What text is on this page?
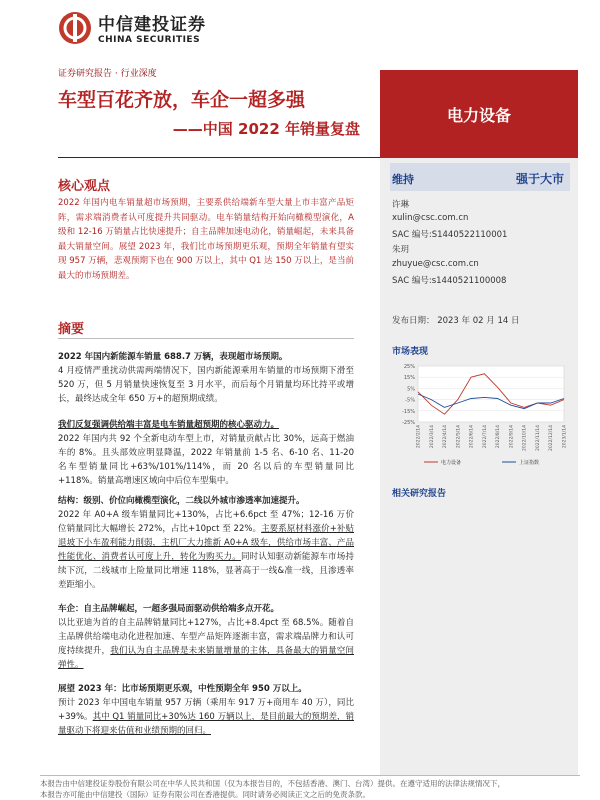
中信建投证券
CHINA SECURITIES
证券研究报告 · 行业深度
车型百花齐放，车企一超多强
——中国 2022 年销量复盘
电力设备
维持	强于大市
许琳
xulin@csc.com.cn
SAC 编号:S1440522110001
朱玥
zhuyue@csc.com.cn
SAC 编号:s1440521100008
发布日期： 2023 年 02 月 14 日
市场表现
25%
15%
5%
-5%
-15%
-25%
2022/2/14 2022/3/14 2022/4/14 2022/5/14 2022/6/14 2022/7/14 2022/8/14 2022/9/14 2022/10/14 2022/11/14 2022/12/14 2023/1/14
电力设备	上证指数
相关研究报告
核心观点
2022 年国内电车销量超市场预期，主要系供给端新车型大量上市丰富产品矩阵，需求端消费者认可度提升共同驱动。电车销量结构开始向橄榄型演化，A 级和 12-16 万销量占比快速提升；自主品牌加速电动化，销量崛起，未来具备最大销量空间。展望 2023 年，我们比市场预期更乐观，预期全年销量有望实现 957 万辆，悲观预期下也在 900 万以上，其中 Q1 达 150 万以上，是当前最大的市场预期差。
摘要
2022 年国内新能源车销量 688.7 万辆，表现超市场预期。
4 月疫情严重扰动供需两端情况下，国内新能源乘用车销量的市场预期下滑至 520 万，但 5 月销量快速恢复至 3 月水平，而后每个月销量均环比持平或增长，最终达成全年 650 万+的超预期成绩。
我们反复强调供给端丰富是电车销量超预期的核心驱动力。
2022 年国内共 92 个全新电动车型上市，对销量贡献占比 30%，远高于燃油车的 8%。且头部效应明显降温，2022 年销量前 1-5 名、6-10 名、11-20 名车型销量同比+63%/101%/114%，而 20 名以后的车型销量同比+118%。销量高增速区域向中后位车型集中。
结构：级别、价位向橄榄型演化，二线以外城市渗透率加速提升。
2022 年 A0+A 级车销量同比+130%，占比+6.6pct 至 47%；12-16 万价位销量同比大幅增长 272%，占比+10pct 至 22%。主要系原材料涨价+补贴退坡下小车盈利能力削弱，主机厂大力推新 A0+A 级车，供给市场丰富、产品性能优化、消费者认可度上升，转化为购买力。同时认知驱动新能源车市场持续下沉，二线城市上险量同比增速 118%，显著高于一线&准一线，且渗透率差距缩小。
车企：自主品牌崛起，一超多强局面驱动供给端多点开花。
以比亚迪为首的自主品牌销量同比+127%，占比+8.4pct 至 68.5%。随着自主品牌供给端电动化进程加速、车型产品矩阵逐渐丰富，需求端品牌力和认可度持续提升，我们认为自主品牌是未来销量增量的主体，具备最大的销量空间弹性。
展望 2023 年：比市场预期更乐观，中性预期全年 950 万以上。
预计 2023 年中国电车销量 957 万辆（乘用车 917 万+商用车 40 万），同比+39%。其中 Q1 销量同比+30%达 160 万辆以上，是目前最大的预期差，销量驱动下将迎来估值和业绩预期的回归。
本报告由中信建投证券股份有限公司在中华人民共和国（仅为本报告目的，不包括香港、澳门、台湾）提供。在遵守适用的法律法规情况下，
本报告亦可能由中信建投（国际）证券有限公司在香港提供。同时请务必阅读正文之后的免责条款。
